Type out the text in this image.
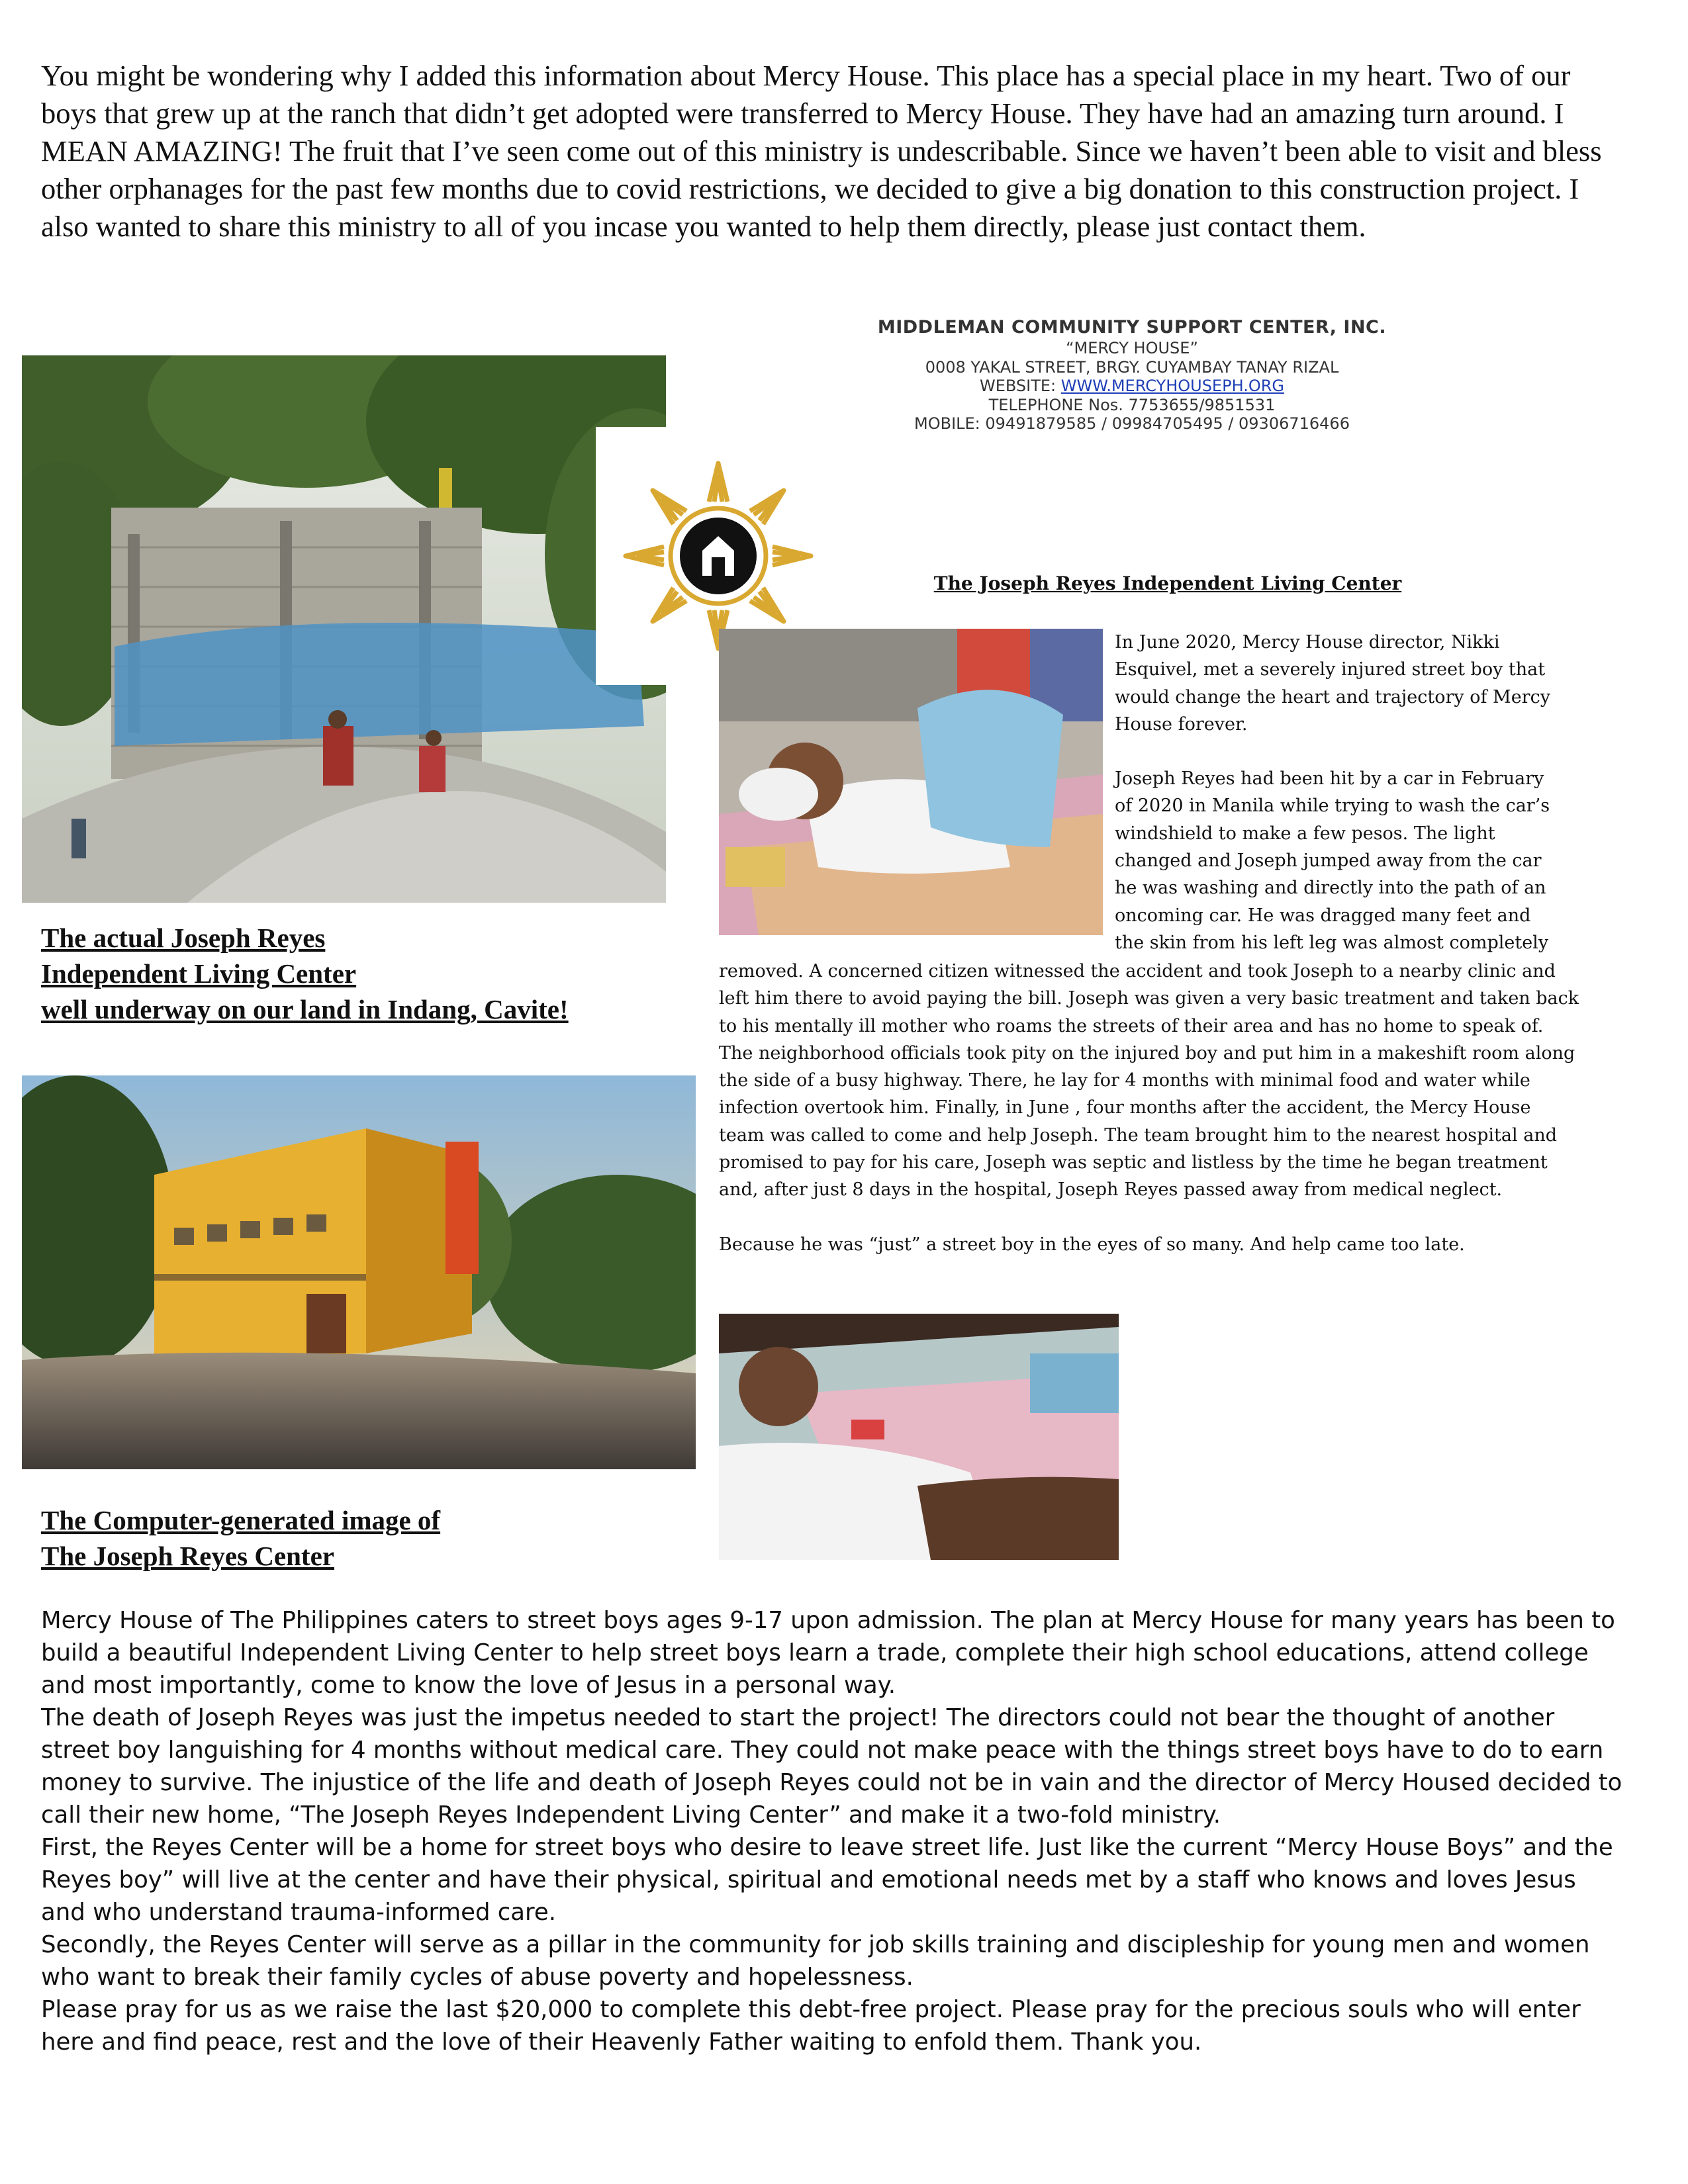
You might be wondering why I added this information about Mercy House. This place has a special place in my heart. Two of our boys that grew up at the ranch that didn’t get adopted were transferred to Mercy House. They have had an amazing turn around. I MEAN AMAZING! The fruit that I’ve seen come out of this ministry is undescribable. Since we haven’t been able to visit and bless other orphanages for the past few months due to covid restrictions, we decided to give a big donation to this construction project. I also wanted to share this ministry to all of you incase you wanted to help them directly, please just contact them.

MIDDLEMAN COMMUNITY SUPPORT CENTER, INC.
“MERCY HOUSE”
0008 YAKAL STREET, BRGY. CUYAMBAY TANAY RIZAL
WEBSITE: WWW.MERCYHOUSEPH.ORG
TELEPHONE Nos. 7753655/9851531
MOBILE: 09491879585 / 09984705495 / 09306716466

The actual Joseph Reyes

Independent Living Center

well underway on our land in Indang, Cavite!

The Joseph Reyes Independent Living Center

In June 2020, Mercy House director, Nikki Esquivel, met a severely injured street boy that would change the heart and trajectory of Mercy House forever.

Joseph Reyes had been hit by a car in February of 2020 in Manila while trying to wash the car’s windshield to make a few pesos. The light changed and Joseph jumped away from the car he was washing and directly into the path of an oncoming car. He was dragged many feet and the skin from his left leg was almost completely

removed. A concerned citizen witnessed the accident and took Joseph to a nearby clinic and left him there to avoid paying the bill. Joseph was given a very basic treatment and taken back to his mentally ill mother who roams the streets of their area and has no home to speak of. The neighborhood officials took pity on the injured boy and put him in a makeshift room along the side of a busy highway. There, he lay for 4 months with minimal food and water while infection overtook him. Finally, in June , four months after the accident, the Mercy House team was called to come and help Joseph. The team brought him to the nearest hospital and promised to pay for his care, Joseph was septic and listless by the time he began treatment and, after just 8 days in the hospital, Joseph Reyes passed away from medical neglect.

Because he was “just” a street boy in the eyes of so many. And help came too late.

The Computer-generated image of

The Joseph Reyes Center

Mercy House of The Philippines caters to street boys ages 9-17 upon admission. The plan at Mercy House for many years has been to build a beautiful Independent Living Center to help street boys learn a trade, complete their high school educations, attend college and most importantly, come to know the love of Jesus in a personal way.

The death of Joseph Reyes was just the impetus needed to start the project! The directors could not bear the thought of another street boy languishing for 4 months without medical care. They could not make peace with the things street boys have to do to earn money to survive. The injustice of the life and death of Joseph Reyes could not be in vain and the director of Mercy Housed decided to call their new home, “The Joseph Reyes Independent Living Center” and make it a two-fold ministry.

First, the Reyes Center will be a home for street boys who desire to leave street life. Just like the current “Mercy House Boys” and the Reyes boy” will live at the center and have their physical, spiritual and emotional needs met by a staff who knows and loves Jesus and who understand trauma-informed care.

Secondly, the Reyes Center will serve as a pillar in the community for job skills training and discipleship for young men and women who want to break their family cycles of abuse poverty and hopelessness.

Please pray for us as we raise the last $20,000 to complete this debt-free project. Please pray for the precious souls who will enter here and find peace, rest and the love of their Heavenly Father waiting to enfold them. Thank you.
